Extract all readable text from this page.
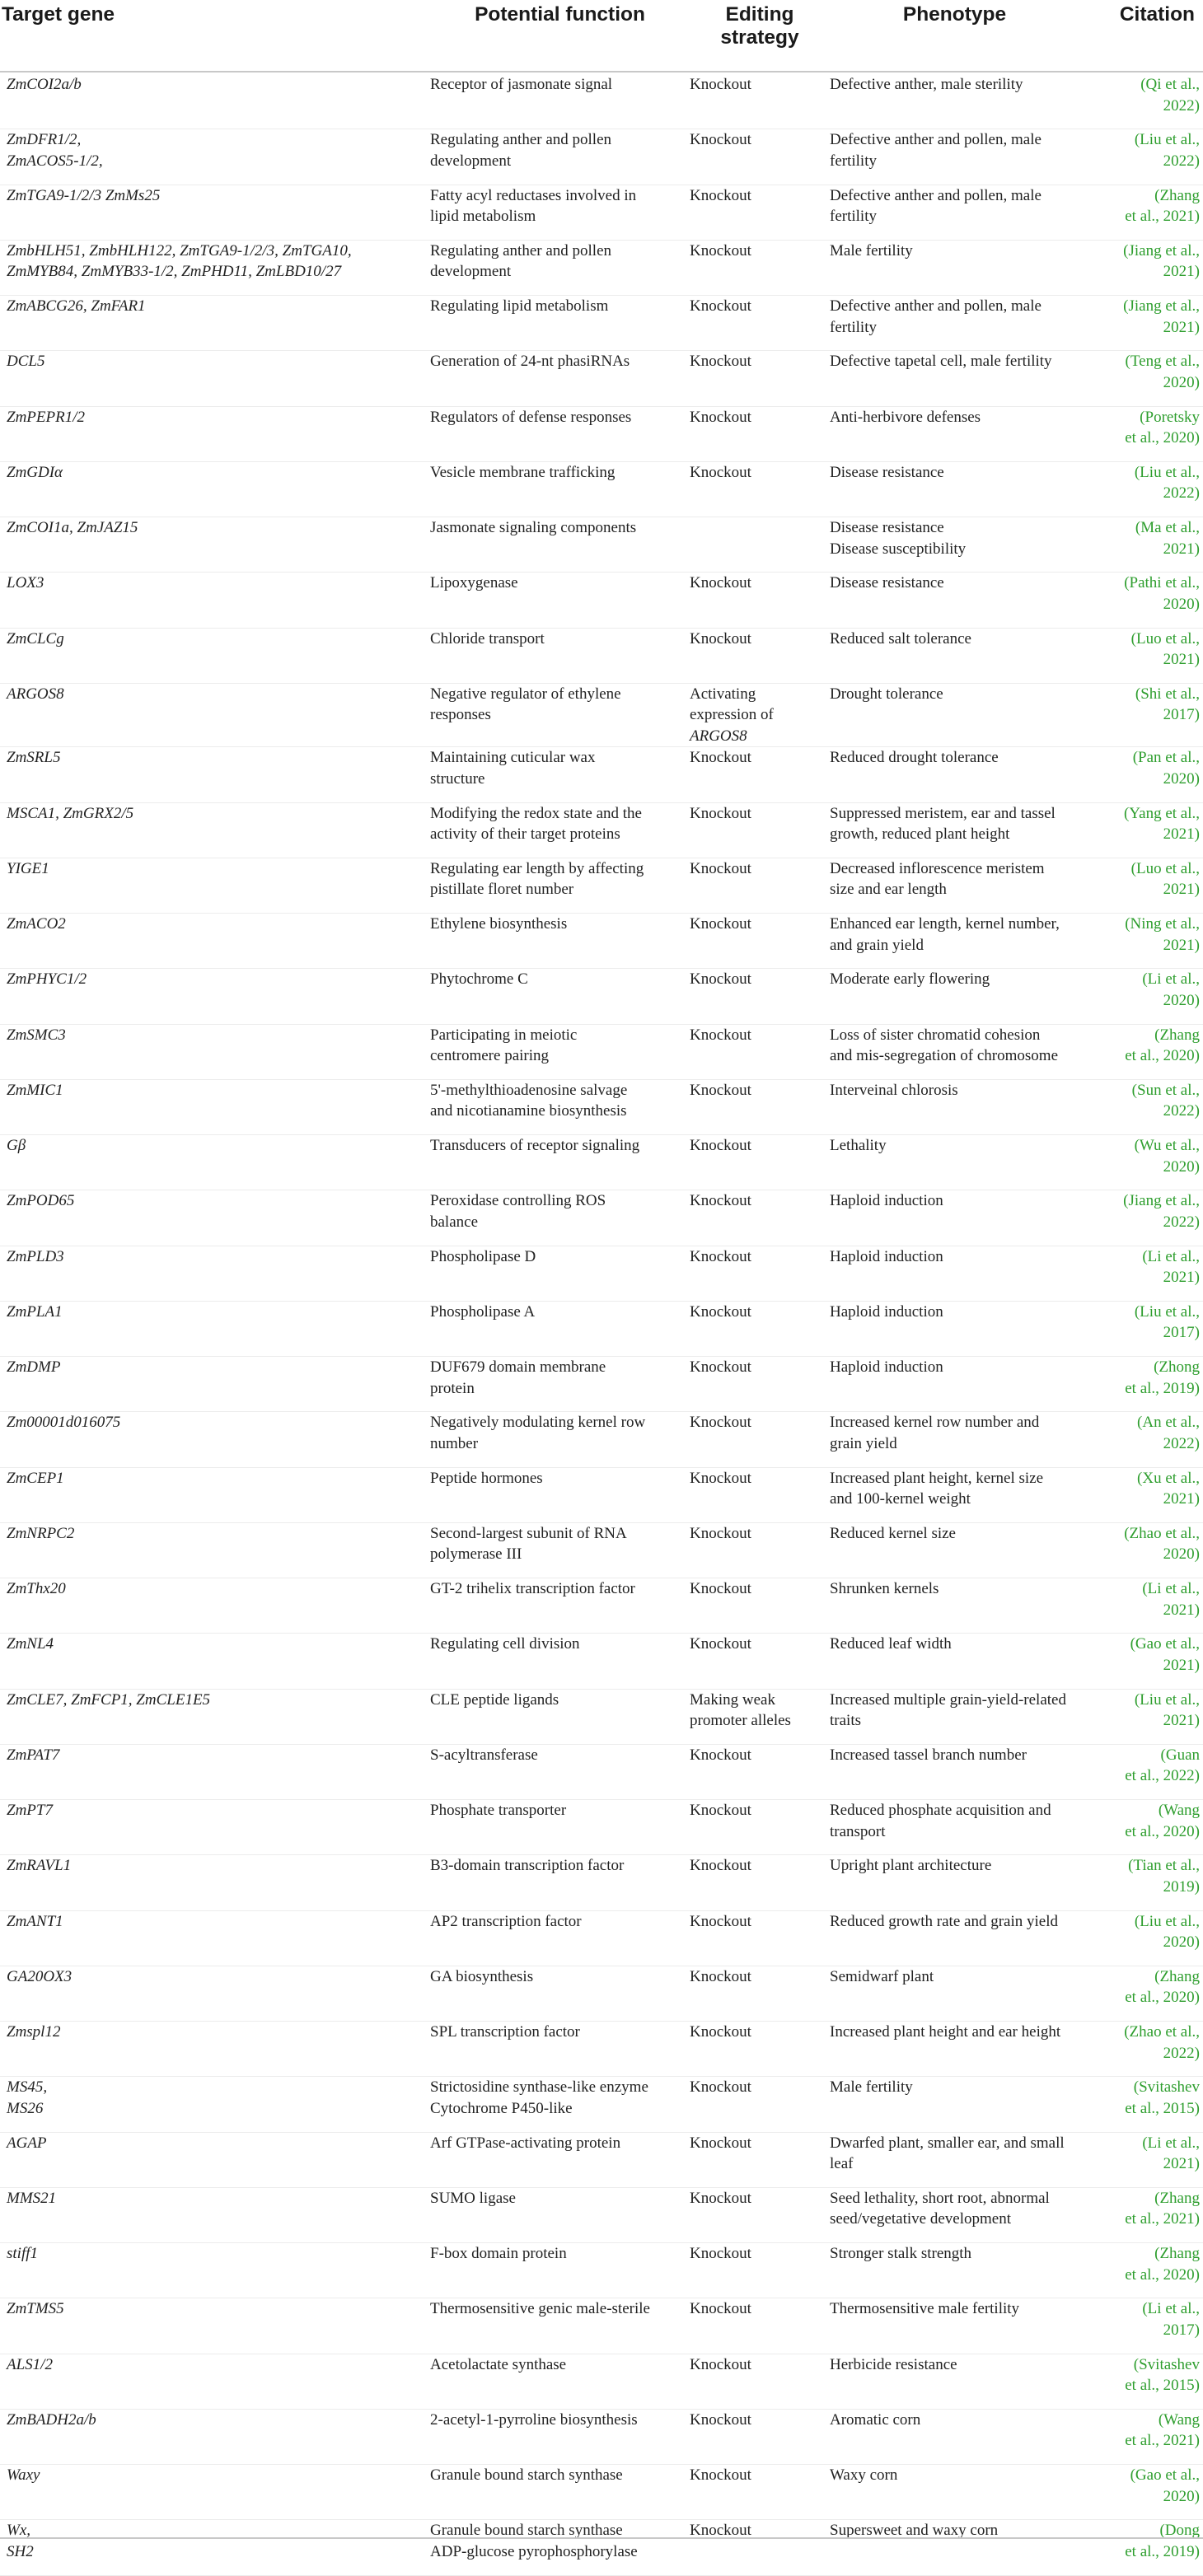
Target gene	Potential function	Editing
strategy	Phenotype	Citation

ZmCOI2a/b	Receptor of jasmonate signal	Knockout	Defective anther, male sterility	(Qi et al.,
2022)

ZmDFR1/2,
ZmACOS5-1/2,	Regulating anther and pollen
development	Knockout	Defective anther and pollen, male
fertility	(Liu et al.,
2022)

ZmTGA9-1/2/3 ZmMs25	Fatty acyl reductases involved in
lipid metabolism	Knockout	Defective anther and pollen, male
fertility	(Zhang
et al., 2021)

ZmbHLH51, ZmbHLH122, ZmTGA9-1/2/3, ZmTGA10,
ZmMYB84, ZmMYB33-1/2, ZmPHD11, ZmLBD10/27	Regulating anther and pollen
development	Knockout	Male fertility	(Jiang et al.,
2021)

ZmABCG26, ZmFAR1	Regulating lipid metabolism	Knockout	Defective anther and pollen, male
fertility	(Jiang et al.,
2021)

DCL5	Generation of 24-nt phasiRNAs	Knockout	Defective tapetal cell, male fertility	(Teng et al.,
2020)

ZmPEPR1/2	Regulators of defense responses	Knockout	Anti-herbivore defenses	(Poretsky
et al., 2020)

ZmGDIα	Vesicle membrane trafficking	Knockout	Disease resistance	(Liu et al.,
2022)

ZmCOI1a, ZmJAZ15	Jasmonate signaling components		Disease resistance
Disease susceptibility	(Ma et al.,
2021)

LOX3	Lipoxygenase	Knockout	Disease resistance	(Pathi et al.,
2020)

ZmCLCg	Chloride transport	Knockout	Reduced salt tolerance	(Luo et al.,
2021)

ARGOS8	Negative regulator of ethylene
responses	Activating
expression of
ARGOS8	Drought tolerance	(Shi et al.,
2017)

ZmSRL5	Maintaining cuticular wax
structure	Knockout	Reduced drought tolerance	(Pan et al.,
2020)

MSCA1, ZmGRX2/5	Modifying the redox state and the
activity of their target proteins	Knockout	Suppressed meristem, ear and tassel
growth, reduced plant height	(Yang et al.,
2021)

YIGE1	Regulating ear length by affecting
pistillate floret number	Knockout	Decreased inflorescence meristem
size and ear length	(Luo et al.,
2021)

ZmACO2	Ethylene biosynthesis	Knockout	Enhanced ear length, kernel number,
and grain yield	(Ning et al.,
2021)

ZmPHYC1/2	Phytochrome C	Knockout	Moderate early flowering	(Li et al.,
2020)

ZmSMC3	Participating in meiotic
centromere pairing	Knockout	Loss of sister chromatid cohesion
and mis-segregation of chromosome	(Zhang
et al., 2020)

ZmMIC1	5'-methylthioadenosine salvage
and nicotianamine biosynthesis	Knockout	Interveinal chlorosis	(Sun et al.,
2022)

Gβ	Transducers of receptor signaling	Knockout	Lethality	(Wu et al.,
2020)

ZmPOD65	Peroxidase controlling ROS
balance	Knockout	Haploid induction	(Jiang et al.,
2022)

ZmPLD3	Phospholipase D	Knockout	Haploid induction	(Li et al.,
2021)

ZmPLA1	Phospholipase A	Knockout	Haploid induction	(Liu et al.,
2017)

ZmDMP	DUF679 domain membrane
protein	Knockout	Haploid induction	(Zhong
et al., 2019)

Zm00001d016075	Negatively modulating kernel row
number	Knockout	Increased kernel row number and
grain yield	(An et al.,
2022)

ZmCEP1	Peptide hormones	Knockout	Increased plant height, kernel size
and 100-kernel weight	(Xu et al.,
2021)

ZmNRPC2	Second-largest subunit of RNA
polymerase III	Knockout	Reduced kernel size	(Zhao et al.,
2020)

ZmThx20	GT-2 trihelix transcription factor	Knockout	Shrunken kernels	(Li et al.,
2021)

ZmNL4	Regulating cell division	Knockout	Reduced leaf width	(Gao et al.,
2021)

ZmCLE7, ZmFCP1, ZmCLE1E5	CLE peptide ligands	Making weak
promoter alleles	Increased multiple grain-yield-related
traits	(Liu et al.,
2021)

ZmPAT7	S-acyltransferase	Knockout	Increased tassel branch number	(Guan
et al., 2022)

ZmPT7	Phosphate transporter	Knockout	Reduced phosphate acquisition and
transport	(Wang
et al., 2020)

ZmRAVL1	B3-domain transcription factor	Knockout	Upright plant architecture	(Tian et al.,
2019)

ZmANT1	AP2 transcription factor	Knockout	Reduced growth rate and grain yield	(Liu et al.,
2020)

GA20OX3	GA biosynthesis	Knockout	Semidwarf plant	(Zhang
et al., 2020)

Zmspl12	SPL transcription factor	Knockout	Increased plant height and ear height	(Zhao et al.,
2022)

MS45,
MS26	Strictosidine synthase-like enzyme
Cytochrome P450-like	Knockout	Male fertility	(Svitashev
et al., 2015)

AGAP	Arf GTPase-activating protein	Knockout	Dwarfed plant, smaller ear, and small
leaf	(Li et al.,
2021)

MMS21	SUMO ligase	Knockout	Seed lethality, short root, abnormal
seed/vegetative development	(Zhang
et al., 2021)

stiff1	F-box domain protein	Knockout	Stronger stalk strength	(Zhang
et al., 2020)

ZmTMS5	Thermosensitive genic male-sterile	Knockout	Thermosensitive male fertility	(Li et al.,
2017)

ALS1/2	Acetolactate synthase	Knockout	Herbicide resistance	(Svitashev
et al., 2015)

ZmBADH2a/b	2-acetyl-1-pyrroline biosynthesis	Knockout	Aromatic corn	(Wang
et al., 2021)

Waxy	Granule bound starch synthase	Knockout	Waxy corn	(Gao et al.,
2020)

Wx,
SH2	Granule bound starch synthase
ADP-glucose pyrophosphorylase	Knockout	Supersweet and waxy corn	(Dong
et al., 2019)
